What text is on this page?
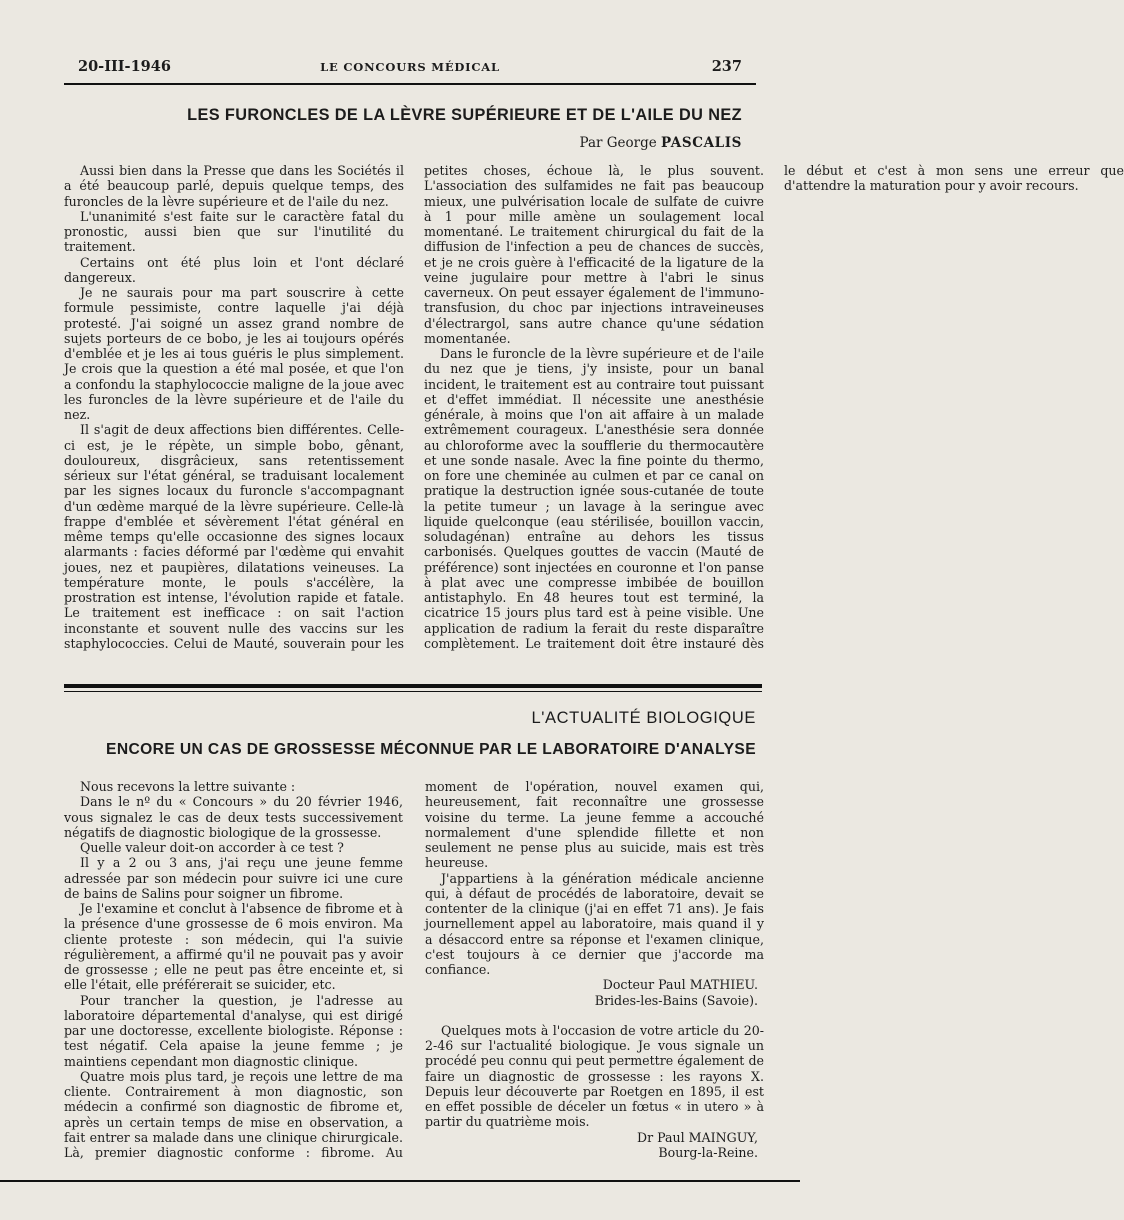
20-III-1946	LE CONCOURS MÉDICAL	237
LES FURONCLES DE LA LÈVRE SUPÉRIEURE ET DE L'AILE DU NEZ
Par George PASCALIS

Aussi bien dans la Presse que dans les Sociétés il a été beaucoup parlé, depuis quelque temps, des furoncles de la lèvre supérieure et de l'aile du nez.

L'unanimité s'est faite sur le caractère fatal du pronostic, aussi bien que sur l'inutilité du traitement.

Certains ont été plus loin et l'ont déclaré dangereux.

Je ne saurais pour ma part souscrire à cette formule pessimiste, contre laquelle j'ai déjà protesté. J'ai soigné un assez grand nombre de sujets porteurs de ce bobo, je les ai toujours opérés d'emblée et je les ai tous guéris le plus simplement. Je crois que la question a été mal posée, et que l'on a confondu la staphylococcie maligne de la joue avec les furoncles de la lèvre supérieure et de l'aile du nez.

Il s'agit de deux affections bien différentes. Celle-ci est, je le répète, un simple bobo, gênant, douloureux, disgrâcieux, sans retentissement sérieux sur l'état général, se traduisant localement par les signes locaux du furoncle s'accompagnant d'un œdème marqué de la lèvre supérieure. Celle-là frappe d'emblée et sévèrement l'état général en même temps qu'elle occasionne des signes locaux alarmants : facies déformé par l'œdème qui envahit joues, nez et paupières, dilatations veineuses. La température monte, le pouls s'accélère, la prostration est intense, l'évolution rapide et fatale. Le traitement est inefficace : on sait l'action inconstante et souvent nulle des vaccins sur les staphylococcies. Celui de Mauté, souverain pour les petites choses, échoue là, le plus souvent. L'association des sulfamides ne fait pas beaucoup mieux, une pulvérisation locale de sulfate de cuivre à 1 pour mille amène un soulagement local momentané. Le traitement chirurgical du fait de la diffusion de l'infection a peu de chances de succès, et je ne crois guère à l'efficacité de la ligature de la veine jugulaire pour mettre à l'abri le sinus caverneux. On peut essayer également de l'immuno-transfusion, du choc par injections intraveineuses d'électrargol, sans autre chance qu'une sédation momentanée.

Dans le furoncle de la lèvre supérieure et de l'aile du nez que je tiens, j'y insiste, pour un banal incident, le traitement est au contraire tout puissant et d'effet immédiat. Il nécessite une anesthésie générale, à moins que l'on ait affaire à un malade extrêmement courageux. L'anesthésie sera donnée au chloroforme avec la soufflerie du thermocautère et une sonde nasale. Avec la fine pointe du thermo, on fore une cheminée au culmen et par ce canal on pratique la destruction ignée sous-cutanée de toute la petite tumeur ; un lavage à la seringue avec liquide quelconque (eau stérilisée, bouillon vaccin, soludagénan) entraîne au dehors les tissus carbonisés. Quelques gouttes de vaccin (Mauté de préférence) sont injectées en couronne et l'on panse à plat avec une compresse imbibée de bouillon antistaphylo. En 48 heures tout est terminé, la cicatrice 15 jours plus tard est à peine visible. Une application de radium la ferait du reste disparaître complètement. Le traitement doit être instauré dès le début et c'est à mon sens une erreur que d'attendre la maturation pour y avoir recours.

L'ACTUALITÉ BIOLOGIQUE
ENCORE UN CAS DE GROSSESSE MÉCONNUE PAR LE LABORATOIRE D'ANALYSE

Nous recevons la lettre suivante :

Dans le nº du « Concours » du 20 février 1946, vous signalez le cas de deux tests successivement négatifs de diagnostic biologique de la grossesse.

Quelle valeur doit-on accorder à ce test ?

Il y a 2 ou 3 ans, j'ai reçu une jeune femme adressée par son médecin pour suivre ici une cure de bains de Salins pour soigner un fibrome.

Je l'examine et conclut à l'absence de fibrome et à la présence d'une grossesse de 6 mois environ. Ma cliente proteste : son médecin, qui l'a suivie régulièrement, a affirmé qu'il ne pouvait pas y avoir de grossesse ; elle ne peut pas être enceinte et, si elle l'était, elle préférerait se suicider, etc.

Pour trancher la question, je l'adresse au laboratoire départemental d'analyse, qui est dirigé par une doctoresse, excellente biologiste. Réponse : test négatif. Cela apaise la jeune femme ; je maintiens cependant mon diagnostic clinique.

Quatre mois plus tard, je reçois une lettre de ma cliente. Contrairement à mon diagnostic, son médecin a confirmé son diagnostic de fibrome et, après un certain temps de mise en observation, a fait entrer sa malade dans une clinique chirurgicale. Là, premier diagnostic conforme : fibrome. Au moment de l'opération, nouvel examen qui, heureusement, fait reconnaître une grossesse voisine du terme. La jeune femme a accouché normalement d'une splendide fillette et non seulement ne pense plus au suicide, mais est très heureuse.

J'appartiens à la génération médicale ancienne qui, à défaut de procédés de laboratoire, devait se contenter de la clinique (j'ai en effet 71 ans). Je fais journellement appel au laboratoire, mais quand il y a désaccord entre sa réponse et l'examen clinique, c'est toujours à ce dernier que j'accorde ma confiance.

Docteur Paul MATHIEU.
Brides-les-Bains (Savoie).

Quelques mots à l'occasion de votre article du 20-2-46 sur l'actualité biologique. Je vous signale un procédé peu connu qui peut permettre également de faire un diagnostic de grossesse : les rayons X. Depuis leur découverte par Roetgen en 1895, il est en effet possible de déceler un fœtus « in utero » à partir du quatrième mois.

Dr Paul MAINGUY,
Bourg-la-Reine.
